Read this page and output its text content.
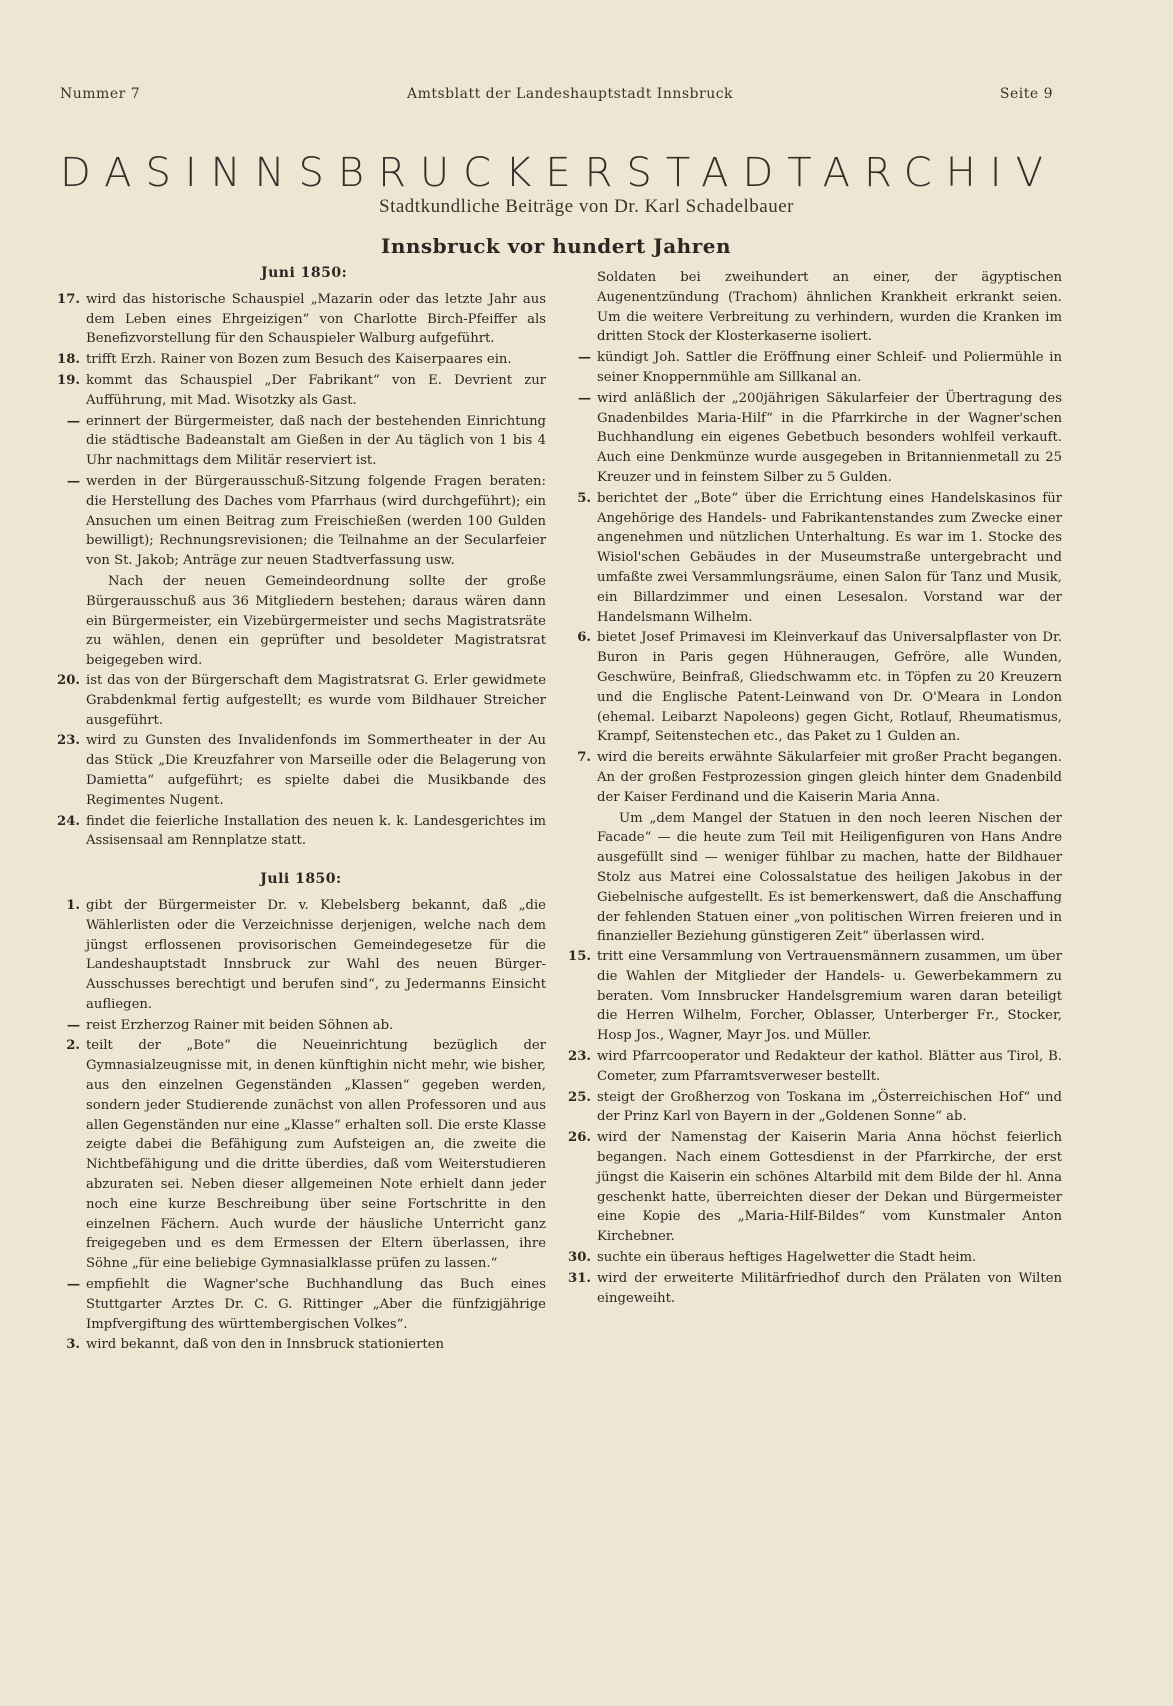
Nummer 7	Amtsblatt der Landeshauptstadt Innsbruck	Seite 9
DAS INNSBRUCKER STADTARCHIV
Stadtkundliche Beiträge von Dr. Karl Schadelbauer
Innsbruck vor hundert Jahren
Juni 1850:
17. wird das historische Schauspiel „Mazarin oder das letzte Jahr aus dem Leben eines Ehrgeizigen“ von Charlotte Birch-Pfeiffer als Benefizvorstellung für den Schauspieler Walburg aufgeführt.
18. trifft Erzh. Rainer von Bozen zum Besuch des Kaiserpaares ein.
19. kommt das Schauspiel „Der Fabrikant“ von E. Devrient zur Aufführung, mit Mad. Wisotzky als Gast.
— erinnert der Bürgermeister, daß nach der bestehenden Einrichtung die städtische Badeanstalt am Gießen in der Au täglich von 1 bis 4 Uhr nachmittags dem Militär reserviert ist.
— werden in der Bürgerausschuß-Sitzung folgende Fragen beraten: die Herstellung des Daches vom Pfarrhaus (wird durchgeführt); ein Ansuchen um einen Beitrag zum Freischießen (werden 100 Gulden bewilligt); Rechnungsrevisionen; die Teilnahme an der Secularfeier von St. Jakob; Anträge zur neuen Stadtverfassung usw.
Nach der neuen Gemeindeordnung sollte der große Bürgerausschuß aus 36 Mitgliedern bestehen; daraus wären dann ein Bürgermeister, ein Vizebürgermeister und sechs Magistratsräte zu wählen, denen ein geprüfter und besoldeter Magistratsrat beigegeben wird.
20. ist das von der Bürgerschaft dem Magistratsrat G. Erler gewidmete Grabdenkmal fertig aufgestellt; es wurde vom Bildhauer Streicher ausgeführt.
23. wird zu Gunsten des Invalidenfonds im Sommertheater in der Au das Stück „Die Kreuzfahrer von Marseille oder die Belagerung von Damietta“ aufgeführt; es spielte dabei die Musikbande des Regimentes Nugent.
24. findet die feierliche Installation des neuen k. k. Landesgerichtes im Assisensaal am Rennplatze statt.
Juli 1850:
1. gibt der Bürgermeister Dr. v. Klebelsberg bekannt, daß „die Wählerlisten oder die Verzeichnisse derjenigen, welche nach dem jüngst erflossenen provisorischen Gemeindegesetze für die Landeshauptstadt Innsbruck zur Wahl des neuen Bürger-Ausschusses berechtigt und berufen sind“, zu Jedermanns Einsicht aufliegen.
— reist Erzherzog Rainer mit beiden Söhnen ab.
2. teilt der „Bote“ die Neueinrichtung bezüglich der Gymnasialzeugnisse mit, in denen künftighin nicht mehr, wie bisher, aus den einzelnen Gegenständen „Klassen“ gegeben werden, sondern jeder Studierende zunächst von allen Professoren und aus allen Gegenständen nur eine „Klasse“ erhalten soll. Die erste Klasse zeigte dabei die Befähigung zum Aufsteigen an, die zweite die Nichtbefähigung und die dritte überdies, daß vom Weiterstudieren abzuraten sei. Neben dieser allgemeinen Note erhielt dann jeder noch eine kurze Beschreibung über seine Fortschritte in den einzelnen Fächern. Auch wurde der häusliche Unterricht ganz freigegeben und es dem Ermessen der Eltern überlassen, ihre Söhne „für eine beliebige Gymnasialklasse prüfen zu lassen.“
— empfiehlt die Wagner'sche Buchhandlung das Buch eines Stuttgarter Arztes Dr. C. G. Rittinger „Aber die fünfzigjährige Impfvergiftung des württembergischen Volkes“.
3. wird bekannt, daß von den in Innsbruck stationierten
Soldaten bei zweihundert an einer, der ägyptischen Augenentzündung (Trachom) ähnlichen Krankheit erkrankt seien. Um die weitere Verbreitung zu verhindern, wurden die Kranken im dritten Stock der Klosterkaserne isoliert.
— kündigt Joh. Sattler die Eröffnung einer Schleif- und Poliermühle in seiner Knoppernmühle am Sillkanal an.
— wird anläßlich der „200jährigen Säkularfeier der Übertragung des Gnadenbildes Maria-Hilf“ in die Pfarrkirche in der Wagner'schen Buchhandlung ein eigenes Gebetbuch besonders wohlfeil verkauft. Auch eine Denkmünze wurde ausgegeben in Britannienmetall zu 25 Kreuzer und in feinstem Silber zu 5 Gulden.
5. berichtet der „Bote“ über die Errichtung eines Handelskasinos für Angehörige des Handels- und Fabrikantenstandes zum Zwecke einer angenehmen und nützlichen Unterhaltung. Es war im 1. Stocke des Wisiol'schen Gebäudes in der Museumstraße untergebracht und umfaßte zwei Versammlungsräume, einen Salon für Tanz und Musik, ein Billardzimmer und einen Lesesalon. Vorstand war der Handelsmann Wilhelm.
6. bietet Josef Primavesi im Kleinverkauf das Universalpflaster von Dr. Buron in Paris gegen Hühneraugen, Gefröre, alle Wunden, Geschwüre, Beinfraß, Gliedschwamm etc. in Töpfen zu 20 Kreuzern und die Englische Patent-Leinwand von Dr. O'Meara in London (ehemal. Leibarzt Napoleons) gegen Gicht, Rotlauf, Rheumatismus, Krampf, Seitenstechen etc., das Paket zu 1 Gulden an.
7. wird die bereits erwähnte Säkularfeier mit großer Pracht begangen. An der großen Festprozession gingen gleich hinter dem Gnadenbild der Kaiser Ferdinand und die Kaiserin Maria Anna.
Um „dem Mangel der Statuen in den noch leeren Nischen der Facade“ — die heute zum Teil mit Heiligenfiguren von Hans Andre ausgefüllt sind — weniger fühlbar zu machen, hatte der Bildhauer Stolz aus Matrei eine Colossalstatue des heiligen Jakobus in der Giebelnische aufgestellt. Es ist bemerkenswert, daß die Anschaffung der fehlenden Statuen einer „von politischen Wirren freieren und in finanzieller Beziehung günstigeren Zeit“ überlassen wird.
15. tritt eine Versammlung von Vertrauensmännern zusammen, um über die Wahlen der Mitglieder der Handels- u. Gewerbekammern zu beraten. Vom Innsbrucker Handelsgremium waren daran beteiligt die Herren Wilhelm, Forcher, Oblasser, Unterberger Fr., Stocker, Hosp Jos., Wagner, Mayr Jos. und Müller.
23. wird Pfarrcooperator und Redakteur der kathol. Blätter aus Tirol, B. Cometer, zum Pfarramtsverweser bestellt.
25. steigt der Großherzog von Toskana im „Österreichischen Hof“ und der Prinz Karl von Bayern in der „Goldenen Sonne“ ab.
26. wird der Namenstag der Kaiserin Maria Anna höchst feierlich begangen. Nach einem Gottesdienst in der Pfarrkirche, der erst jüngst die Kaiserin ein schönes Altarbild mit dem Bilde der hl. Anna geschenkt hatte, überreichten dieser der Dekan und Bürgermeister eine Kopie des „Maria-Hilf-Bildes“ vom Kunstmaler Anton Kirchebner.
30. suchte ein überaus heftiges Hagelwetter die Stadt heim.
31. wird der erweiterte Militärfriedhof durch den Prälaten von Wilten eingeweiht.
